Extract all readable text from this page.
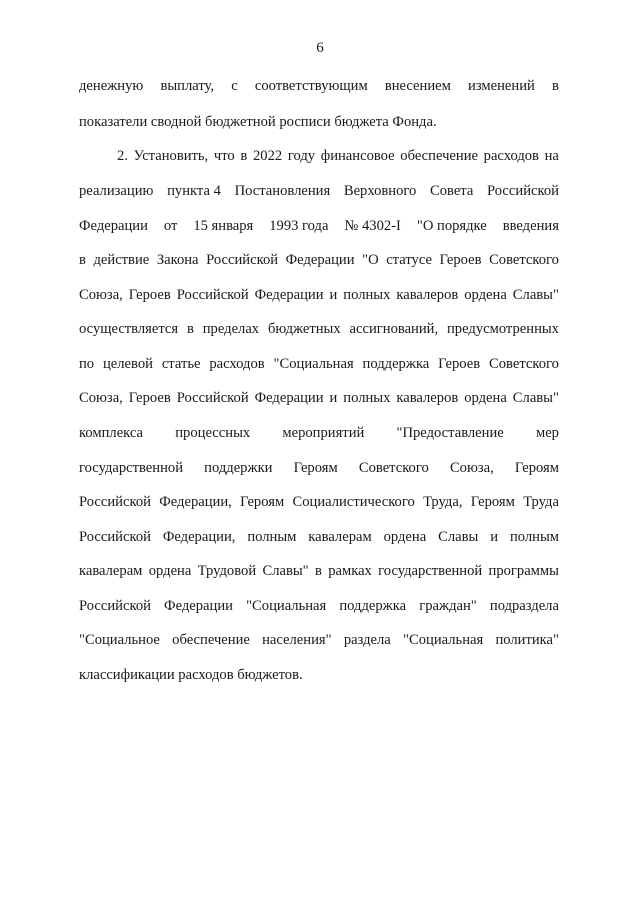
6
денежную выплату, с соответствующим внесением изменений в
показатели сводной бюджетной росписи бюджета Фонда.
2. Установить, что в 2022 году финансовое обеспечение расходов на
реализацию пункта 4 Постановления Верховного Совета Российской
Федерации от 15 января 1993 года № 4302-I "О порядке введения
в действие Закона Российской Федерации "О статусе Героев Советского
Союза, Героев Российской Федерации и полных кавалеров ордена Славы"
осуществляется в пределах бюджетных ассигнований, предусмотренных
по целевой статье расходов "Социальная поддержка Героев Советского
Союза, Героев Российской Федерации и полных кавалеров ордена Славы"
комплекса процессных мероприятий "Предоставление мер
государственной поддержки Героям Советского Союза, Героям
Российской Федерации, Героям Социалистического Труда, Героям Труда
Российской Федерации, полным кавалерам ордена Славы и полным
кавалерам ордена Трудовой Славы" в рамках государственной программы
Российской Федерации "Социальная поддержка граждан" подраздела
"Социальное обеспечение населения" раздела "Социальная политика"
классификации расходов бюджетов.
